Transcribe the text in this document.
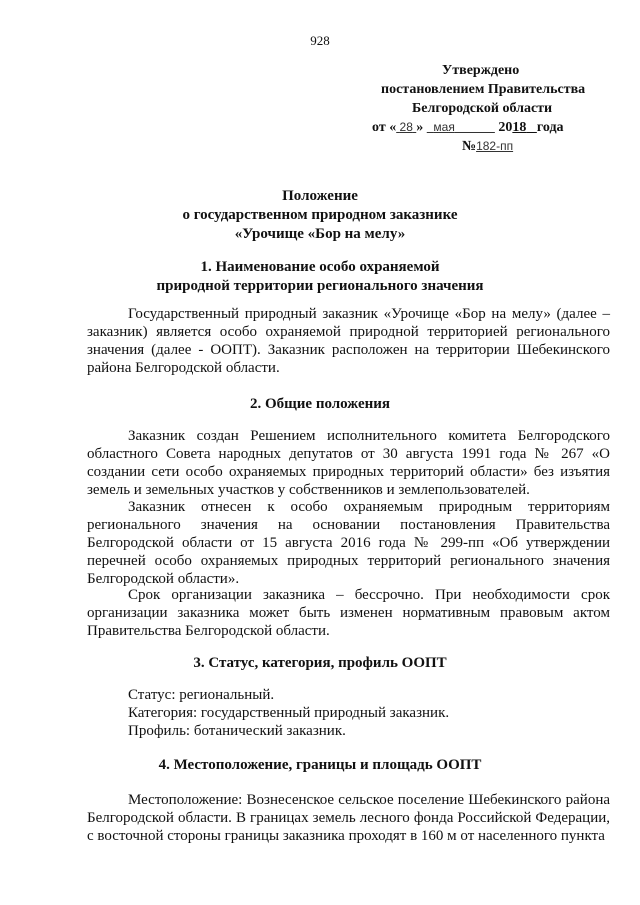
928
Утверждено
постановлением Правительства
Белгородской области
от « 28 » мая	2018 года
№182-пп
Положение
о государственном природном заказнике
«Урочище «Бор на мелу»
1. Наименование особо охраняемой
природной территории регионального значения

Государственный природный заказник «Урочище «Бор на мелу» (далее – заказник) является особо охраняемой природной территорией регионального значения (далее - ООПТ). Заказник расположен на территории Шебекинского района Белгородской области.

2. Общие положения

Заказник создан Решением исполнительного комитета Белгородского областного Совета народных депутатов от 30 августа 1991 года № 267 «О создании сети особо охраняемых природных территорий области» без изъятия земель и земельных участков у собственников и землепользователей.

Заказник отнесен к особо охраняемым природным территориям регионального значения на основании постановления Правительства Белгородской области от 15 августа 2016 года № 299-пп «Об утверждении перечней особо охраняемых природных территорий регионального значения Белгородской области».

Срок организации заказника – бессрочно. При необходимости срок организации заказника может быть изменен нормативным правовым актом Правительства Белгородской области.

3. Статус, категория, профиль ООПТ
Статус: региональный.
Категория: государственный природный заказник.
Профиль: ботанический заказник.
4. Местоположение, границы и площадь ООПТ

Местоположение: Вознесенское сельское поселение Шебекинского района Белгородской области. В границах земель лесного фонда Российской Федерации, с восточной стороны границы заказника проходят в 160 м от населенного пункта
